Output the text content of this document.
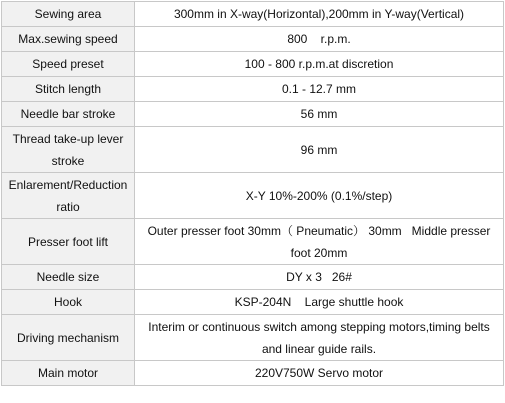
Sewing area	300mm in X-way(Horizontal),200mm in Y-way(Vertical)
Max.sewing speed	800    r.p.m.
Speed preset	100 - 800 r.p.m.at discretion
Stitch length	0.1 - 12.7 mm
Needle bar stroke	56 mm
Thread take-up lever stroke	96 mm
Enlarement/Reduction ratio	X-Y 10%-200% (0.1%/step)
Presser foot lift	Outer presser foot 30mm（ Pneumatic） 30mm   Middle presser foot 20mm
Needle size	DY x 3   26#
Hook	KSP-204N    Large shuttle hook
Driving mechanism	Interim or continuous switch among stepping motors,timing belts and linear guide rails.
Main motor	220V750W Servo motor
